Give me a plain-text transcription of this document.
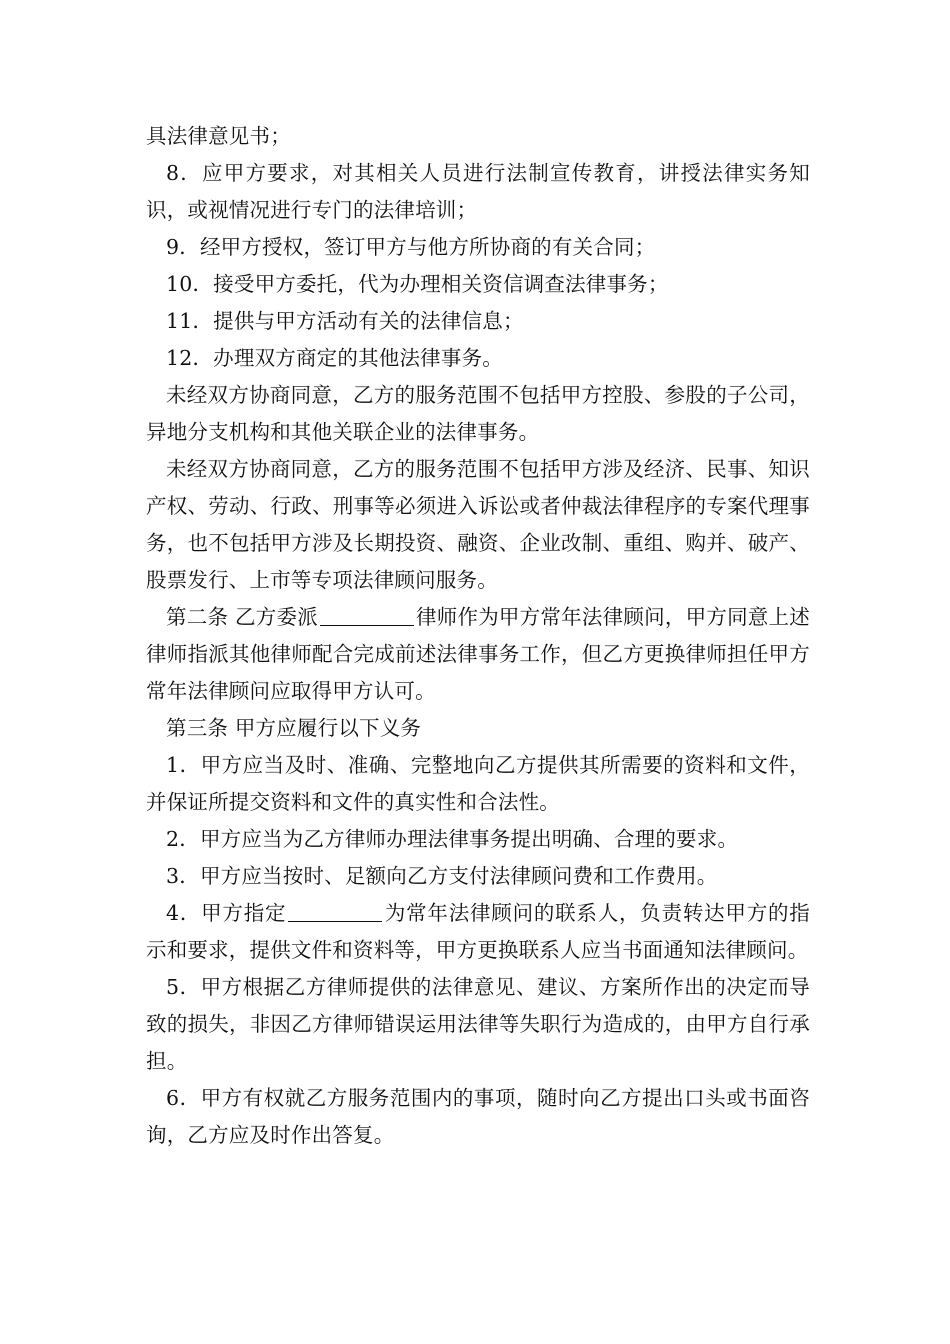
具法律意见书；

8．应甲方要求，对其相关人员进行法制宣传教育，讲授法律实务知识，或视情况进行专门的法律培训；

9．经甲方授权，签订甲方与他方所协商的有关合同；

10．接受甲方委托，代为办理相关资信调查法律事务；

11．提供与甲方活动有关的法律信息；

12．办理双方商定的其他法律事务。

未经双方协商同意，乙方的服务范围不包括甲方控股、参股的子公司，异地分支机构和其他关联企业的法律事务。

未经双方协商同意，乙方的服务范围不包括甲方涉及经济、民事、知识产权、劳动、行政、刑事等必须进入诉讼或者仲裁法律程序的专案代理事务，也不包括甲方涉及长期投资、融资、企业改制、重组、购并、破产、股票发行、上市等专项法律顾问服务。

第二条 乙方委派	律师作为甲方常年法律顾问，甲方同意上述律师指派其他律师配合完成前述法律事务工作，但乙方更换律师担任甲方常年法律顾问应取得甲方认可。

第三条 甲方应履行以下义务

1．甲方应当及时、准确、完整地向乙方提供其所需要的资料和文件，并保证所提交资料和文件的真实性和合法性。

2．甲方应当为乙方律师办理法律事务提出明确、合理的要求。

3．甲方应当按时、足额向乙方支付法律顾问费和工作费用。

4．甲方指定	为常年法律顾问的联系人，负责转达甲方的指示和要求，提供文件和资料等，甲方更换联系人应当书面通知法律顾问。

5．甲方根据乙方律师提供的法律意见、建议、方案所作出的决定而导致的损失，非因乙方律师错误运用法律等失职行为造成的，由甲方自行承担。

6．甲方有权就乙方服务范围内的事项，随时向乙方提出口头或书面咨询，乙方应及时作出答复。
